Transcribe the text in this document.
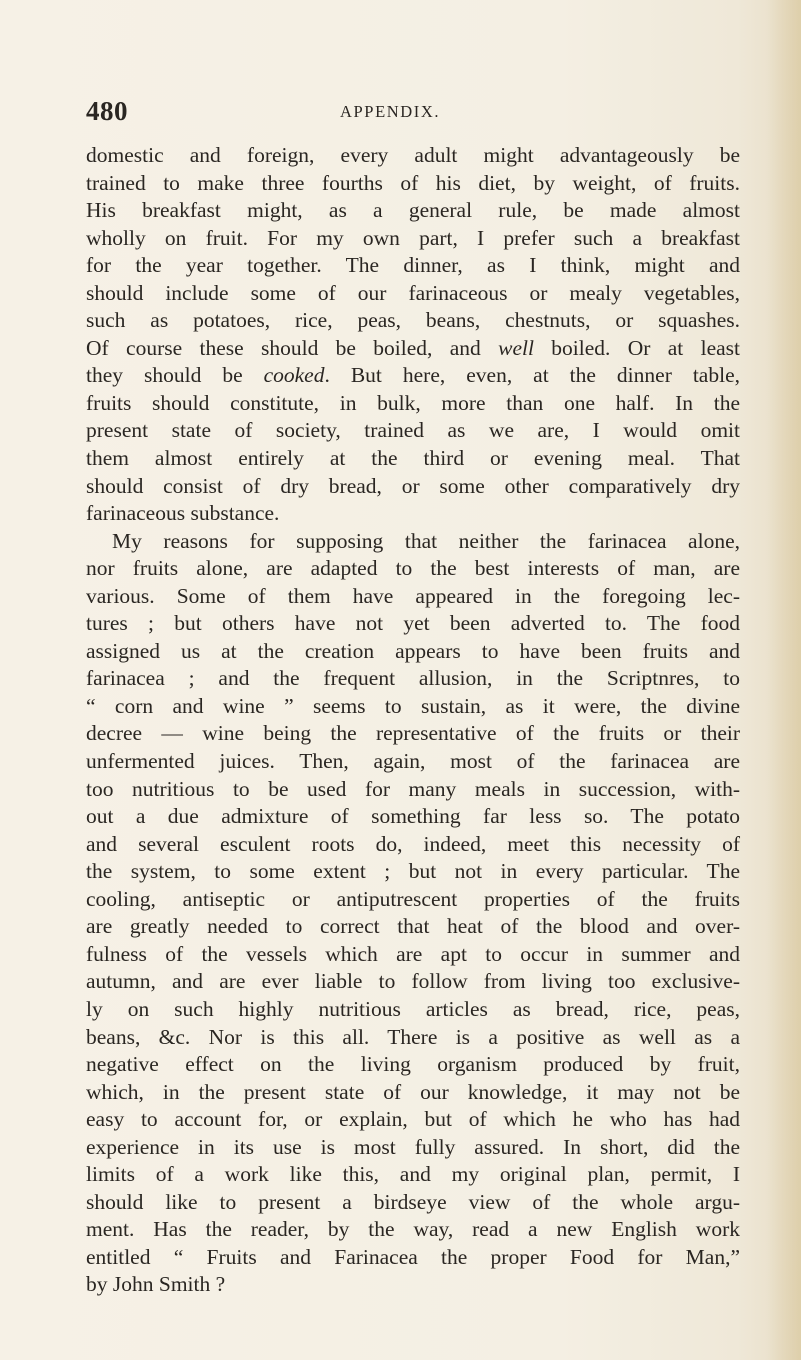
480	APPENDIX.

domestic and foreign, every adult might advantageously be

trained to make three fourths of his diet, by weight, of fruits.

His breakfast might, as a general rule, be made almost

wholly on fruit. For my own part, I prefer such a breakfast

for the year together. The dinner, as I think, might and

should include some of our farinaceous or mealy vegetables,

such as potatoes, rice, peas, beans, chestnuts, or squashes.

Of course these should be boiled, and well boiled. Or at least

they should be cooked. But here, even, at the dinner table,

fruits should constitute, in bulk, more than one half. In the

present state of society, trained as we are, I would omit

them almost entirely at the third or evening meal. That

should consist of dry bread, or some other comparatively dry

farinaceous substance.

My reasons for supposing that neither the farinacea alone,

nor fruits alone, are adapted to the best interests of man, are

various. Some of them have appeared in the foregoing lec-

tures ; but others have not yet been adverted to. The food

assigned us at the creation appears to have been fruits and

farinacea ; and the frequent allusion, in the Scriptnres, to

“ corn and wine ” seems to sustain, as it were, the divine

decree — wine being the representative of the fruits or their

unfermented juices. Then, again, most of the farinacea are

too nutritious to be used for many meals in succession, with-

out a due admixture of something far less so. The potato

and several esculent roots do, indeed, meet this necessity of

the system, to some extent ; but not in every particular. The

cooling, antiseptic or antiputrescent properties of the fruits

are greatly needed to correct that heat of the blood and over-

fulness of the vessels which are apt to occur in summer and

autumn, and are ever liable to follow from living too exclusive-

ly on such highly nutritious articles as bread, rice, peas,

beans, &c. Nor is this all. There is a positive as well as a

negative effect on the living organism produced by fruit,

which, in the present state of our knowledge, it may not be

easy to account for, or explain, but of which he who has had

experience in its use is most fully assured. In short, did the

limits of a work like this, and my original plan, permit, I

should like to present a birdseye view of the whole argu-

ment. Has the reader, by the way, read a new English work

entitled “ Fruits and Farinacea the proper Food for Man,”

by John Smith ?
